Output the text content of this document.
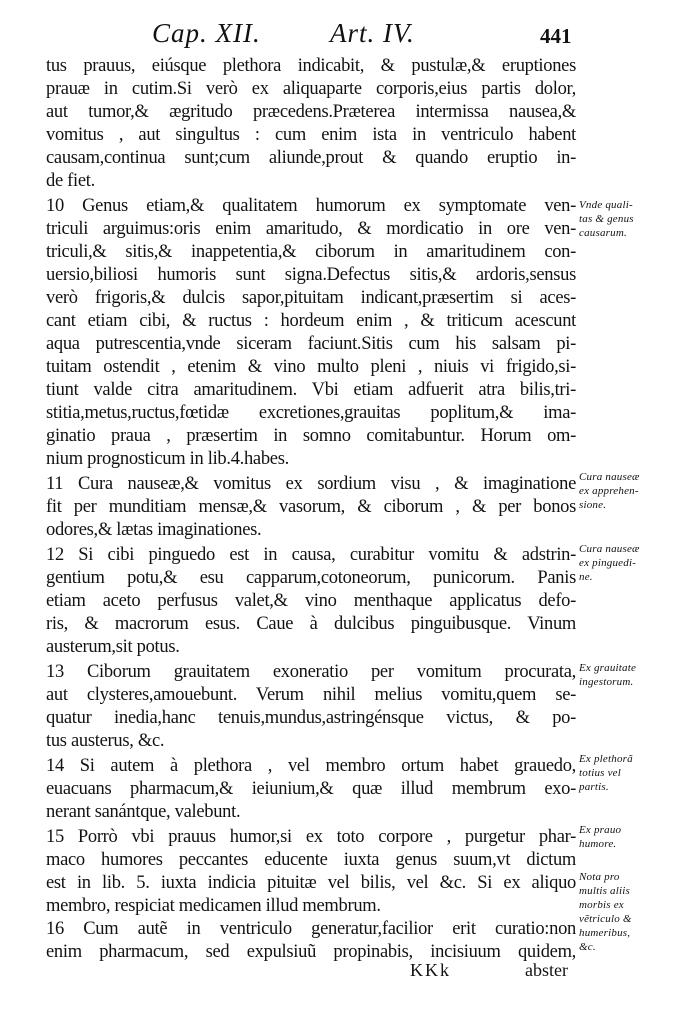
Cap. XII.	Art. IV.	441
tus prauus, eiúsque plethora indicabit, & pustulæ,& eruptiones
prauæ in cutim.Si verò ex aliquaparte corporis,eius partis dolor,
aut tumor,& ægritudo præcedens.Præterea intermissa nausea,&
vomitus , aut singultus : cum enim ista in ventriculo habent
causam,continua sunt;cum aliunde,prout & quando eruptio in-
de fiet.
10 Genus etiam,& qualitatem humorum ex symptomate ven-
triculi arguimus:oris enim amaritudo, & mordicatio in ore ven-
triculi,& sitis,& inappetentia,& ciborum in amaritudinem con-
uersio,biliosi humoris sunt signa.Defectus sitis,& ardoris,sensus
verò frigoris,& dulcis sapor,pituitam indicant,præsertim si aces-
cant etiam cibi, & ructus : hordeum enim , & triticum acescunt
aqua putrescentia,vnde siceram faciunt.Sitis cum his salsam pi-
tuitam ostendit , etenim & vino multo pleni , niuis vi frigido,si-
tiunt valde citra amaritudinem. Vbi etiam adfuerit atra bilis,tri-
stitia,metus,ructus,fœtidæ excretiones,grauitas poplitum,& ima-
ginatio praua , præsertim in somno comitabuntur. Horum om-
nium prognosticum in lib.4.habes.
11 Cura nauseæ,& vomitus ex sordium visu , & imaginatione
fit per munditiam mensæ,& vasorum, & ciborum , & per bonos
odores,& lætas imaginationes.
12 Si cibi pinguedo est in causa, curabitur vomitu & adstrin-
gentium potu,& esu capparum,cotoneorum, punicorum. Panis
etiam aceto perfusus valet,& vino menthaque applicatus defo-
ris, & macrorum esus. Caue à dulcibus pinguibusque. Vinum
austerum,sit potus.
13 Ciborum grauitatem exoneratio per vomitum procurata,
aut clysteres,amouebunt. Verum nihil melius vomitu,quem se-
quatur inedia,hanc tenuis,mundus,astringénsque victus, & po-
tus austerus, &c.
14 Si autem à plethora , vel membro ortum habet grauedo,
euacuans pharmacum,& ieiunium,& quæ illud membrum exo-
nerant sanántque, valebunt.
15 Porrò vbi prauus humor,si ex toto corpore , purgetur phar-
maco humores peccantes educente iuxta genus suum,vt dictum
est in lib. 5. iuxta indicia pituitæ vel bilis, vel &c. Si ex aliquo
membro, respiciat medicamen illud membrum.
16 Cum autẽ in ventriculo generatur,facilior erit curatio:non
enim pharmacum, sed expulsiuũ propinabis, incisiuum quidem,
Vnde quali-
tas & genus
causarum.
Cura nauseæ
ex apprehen-
sione.
Cura nauseæ
ex pinguedi-
ne.
Ex grauitate
ingestorum.
Ex plethorã
totius vel
partis.
Ex prauo
humore.
Nota pro
multis aliis
morbis ex
vẽtriculo &
humeribus,
&c.
KKk	abster
